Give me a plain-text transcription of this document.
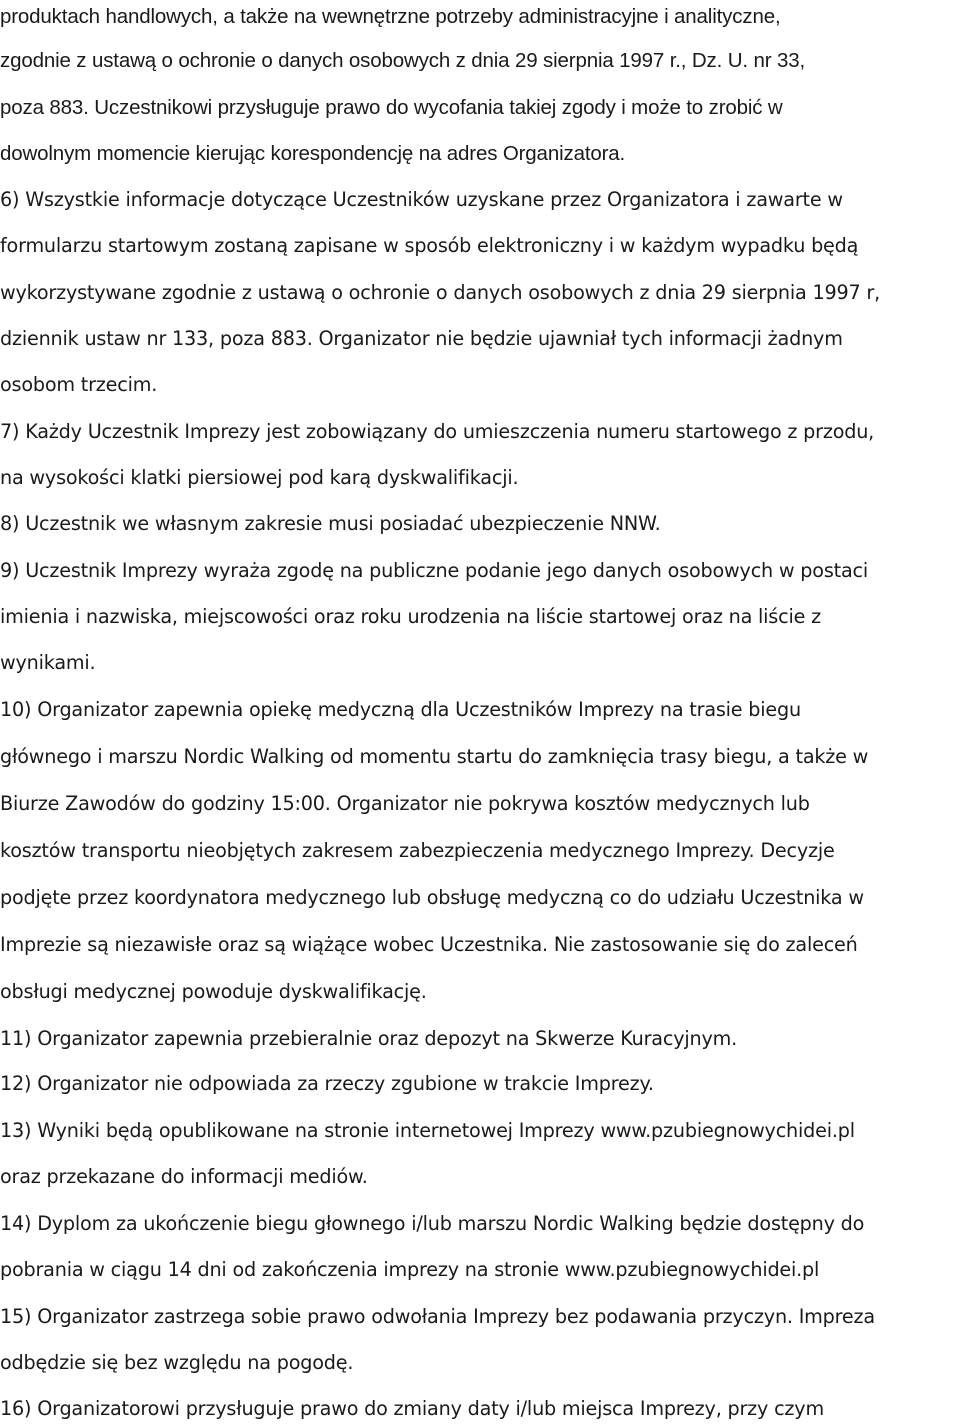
produktach handlowych, a także na wewnętrzne potrzeby administracyjne i analityczne,
zgodnie z ustawą o ochronie o danych osobowych z dnia 29 sierpnia 1997 r., Dz. U. nr 33,
poza 883. Uczestnikowi przysługuje prawo do wycofania takiej zgody i może to zrobić w
dowolnym momencie kierując korespondencję na adres Organizatora.
6) Wszystkie informacje dotyczące Uczestników uzyskane przez Organizatora i zawarte w
formularzu startowym zostaną zapisane w sposób elektroniczny i w każdym wypadku będą
wykorzystywane zgodnie z ustawą o ochronie o danych osobowych z dnia 29 sierpnia 1997 r,
dziennik ustaw nr 133, poza 883. Organizator nie będzie ujawniał tych informacji żadnym
osobom trzecim.
7) Każdy Uczestnik Imprezy jest zobowiązany do umieszczenia numeru startowego z przodu,
na wysokości klatki piersiowej pod karą dyskwalifikacji.
8) Uczestnik we własnym zakresie musi posiadać ubezpieczenie NNW.
9) Uczestnik Imprezy wyraża zgodę na publiczne podanie jego danych osobowych w postaci
imienia i nazwiska, miejscowości oraz roku urodzenia na liście startowej oraz na liście z
wynikami.
10) Organizator zapewnia opiekę medyczną dla Uczestników Imprezy na trasie biegu
głównego i marszu Nordic Walking od momentu startu do zamknięcia trasy biegu, a także w
Biurze Zawodów do godziny 15:00. Organizator nie pokrywa kosztów medycznych lub
kosztów transportu nieobjętych zakresem zabezpieczenia medycznego Imprezy. Decyzje
podjęte przez koordynatora medycznego lub obsługę medyczną co do udziału Uczestnika w
Imprezie są niezawisłe oraz są wiążące wobec Uczestnika. Nie zastosowanie się do zaleceń
obsługi medycznej powoduje dyskwalifikację.
11) Organizator zapewnia przebieralnie oraz depozyt na Skwerze Kuracyjnym.
12) Organizator nie odpowiada za rzeczy zgubione w trakcie Imprezy.
13) Wyniki będą opublikowane na stronie internetowej Imprezy www.pzubiegnowychidei.pl
oraz przekazane do informacji mediów.
14) Dyplom za ukończenie biegu głownego i/lub marszu Nordic Walking będzie dostępny do
pobrania w ciągu 14 dni od zakończenia imprezy na stronie www.pzubiegnowychidei.pl
15) Organizator zastrzega sobie prawo odwołania Imprezy bez podawania przyczyn. Impreza
odbędzie się bez względu na pogodę.
16) Organizatorowi przysługuje prawo do zmiany daty i/lub miejsca Imprezy, przy czym
